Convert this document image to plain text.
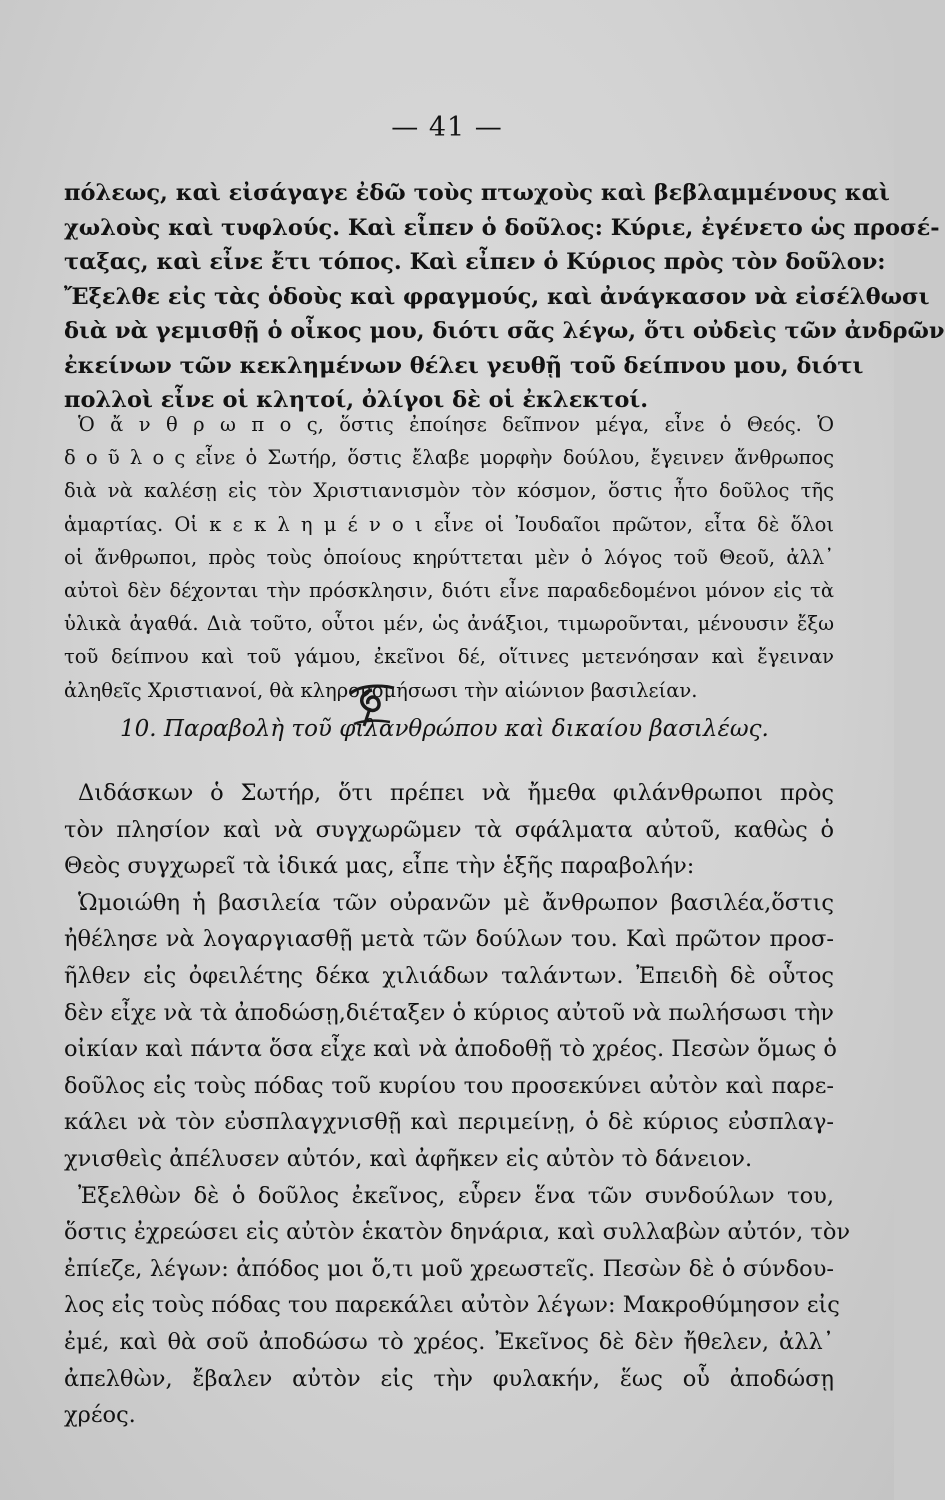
— 41 —
πόλεως, καὶ εἰσάγαγε ἐδῶ τοὺς πτωχοὺς καὶ βεβλαμμένους καὶ
χωλοὺς καὶ τυφλούς. Καὶ εἶπεν ὁ δοῦλος: Κύριε, ἐγένετο ὡς προσέ-
ταξας, καὶ εἶνε ἔτι τόπος. Καὶ εἶπεν ὁ Κύριος πρὸς τὸν δοῦλον:
Ἔξελθε εἰς τὰς ὁδοὺς καὶ φραγμούς, καὶ ἀνάγκασον νὰ εἰσέλθωσι
διὰ νὰ γεμισθῇ ὁ οἶκος μου, διότι σᾶς λέγω, ὅτι οὐδεὶς τῶν ἀνδρῶν
ἐκείνων τῶν κεκλημένων θέλει γευθῇ τοῦ δείπνου μου, διότι
πολλοὶ εἶνε οἱ κλητοί, ὀλίγοι δὲ οἱ ἐκλεκτοί.
Ὁ ἄ ν θ ρ ω π ο ς, ὅστις ἐποίησε δεῖπνον μέγα, εἶνε ὁ Θεός. Ὁ
δ ο ῦ λ ο ς εἶνε ὁ Σωτήρ, ὅστις ἔλαβε μορφὴν δούλου, ἔγεινεν ἄνθρωπος
διὰ νὰ καλέσῃ εἰς τὸν Χριστιανισμὸν τὸν κόσμον, ὅστις ἦτο δοῦλος τῆς
ἁμαρτίας. Οἱ κ ε κ λ η μ έ ν ο ι εἶνε οἱ Ἰουδαῖοι πρῶτον, εἶτα δὲ ὅλοι
οἱ ἄνθρωποι, πρὸς τοὺς ὁποίους κηρύττεται μὲν ὁ λόγος τοῦ Θεοῦ, ἀλλ᾽
αὐτοὶ δὲν δέχονται τὴν πρόσκλησιν, διότι εἶνε παραδεδομένοι μόνον εἰς τὰ
ὑλικὰ ἀγαθά. Διὰ τοῦτο, οὗτοι μέν, ὡς ἀνάξιοι, τιμωροῦνται, μένουσιν ἔξω
τοῦ δείπνου καὶ τοῦ γάμου, ἐκεῖνοι δέ, οἵτινες μετενόησαν καὶ ἔγειναν
ἀληθεῖς Χριστιανοί, θὰ κληρονομήσωσι τὴν αἰώνιον βασιλείαν.
10. Παραβολὴ τοῦ φιλανθρώπου καὶ δικαίου βασιλέως.
Διδάσκων ὁ Σωτήρ, ὅτι πρέπει νὰ ἤμεθα φιλάνθρωποι πρὸς
τὸν πλησίον καὶ νὰ συγχωρῶμεν τὰ σφάλματα αὐτοῦ, καθὼς ὁ
Θεὸς συγχωρεῖ τὰ ἰδικά μας, εἶπε τὴν ἑξῆς παραβολήν:
Ὡμοιώθη ἡ βασιλεία τῶν οὐρανῶν μὲ ἄνθρωπον βασιλέα,ὅστις
ἠθέλησε νὰ λογαργιασθῇ μετὰ τῶν δούλων του. Καὶ πρῶτον προσ-
ῆλθεν εἰς ὀφειλέτης δέκα χιλιάδων ταλάντων. Ἐπειδὴ δὲ οὗτος
δὲν εἶχε νὰ τὰ ἀποδώσῃ,διέταξεν ὁ κύριος αὐτοῦ νὰ πωλήσωσι τὴν
οἰκίαν καὶ πάντα ὅσα εἶχε καὶ νὰ ἀποδοθῇ τὸ χρέος. Πεσὼν ὅμως ὁ
δοῦλος εἰς τοὺς πόδας τοῦ κυρίου του προσεκύνει αὐτὸν καὶ παρε-
κάλει νὰ τὸν εὐσπλαγχνισθῇ καὶ περιμείνῃ, ὁ δὲ κύριος εὐσπλαγ-
χνισθεὶς ἀπέλυσεν αὐτόν, καὶ ἀφῆκεν εἰς αὐτὸν τὸ δάνειον.
Ἐξελθὼν δὲ ὁ δοῦλος ἐκεῖνος, εὗρεν ἕνα τῶν συνδούλων του,
ὅστις ἐχρεώσει εἰς αὐτὸν ἑκατὸν δηνάρια, καὶ συλλαβὼν αὐτόν, τὸν
ἐπίεζε, λέγων: ἀπόδος μοι ὅ,τι μοῦ χρεωστεῖς. Πεσὼν δὲ ὁ σύνδου-
λος εἰς τοὺς πόδας του παρεκάλει αὐτὸν λέγων: Μακροθύμησον εἰς
ἐμέ, καὶ θὰ σοῦ ἀποδώσω τὸ χρέος. Ἐκεῖνος δὲ δὲν ἤθελεν, ἀλλ᾽
ἀπελθὼν, ἔβαλεν αὐτὸν εἰς τὴν φυλακήν, ἕως οὗ ἀποδώσῃ
χρέος.
